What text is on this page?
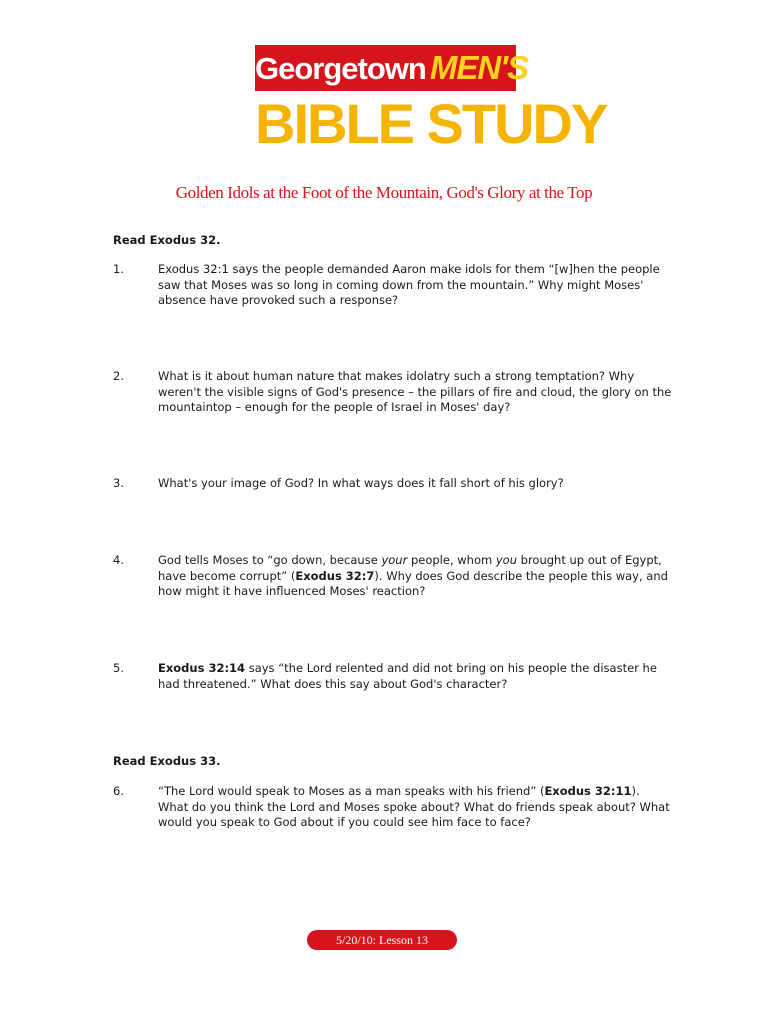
Georgetown MEN'S
BIBLE STUDY
Golden Idols at the Foot of the Mountain, God's Glory at the Top
Read Exodus 32.
1.	Exodus 32:1 says the people demanded Aaron make idols for them “[w]hen the people saw that Moses was so long in coming down from the mountain.” Why might Moses' absence have provoked such a response?
2.	What is it about human nature that makes idolatry such a strong temptation? Why weren't the visible signs of God's presence – the pillars of fire and cloud, the glory on the mountaintop – enough for the people of Israel in Moses' day?
3.	What's your image of God? In what ways does it fall short of his glory?
4.	God tells Moses to “go down, because your people, whom you brought up out of Egypt, have become corrupt” (Exodus 32:7). Why does God describe the people this way, and how might it have influenced Moses' reaction?
5.	Exodus 32:14 says “the Lord relented and did not bring on his people the disaster he had threatened.” What does this say about God's character?
Read Exodus 33.
6.	“The Lord would speak to Moses as a man speaks with his friend” (Exodus 32:11). What do you think the Lord and Moses spoke about? What do friends speak about? What would you speak to God about if you could see him face to face?
5/20/10: Lesson 13
